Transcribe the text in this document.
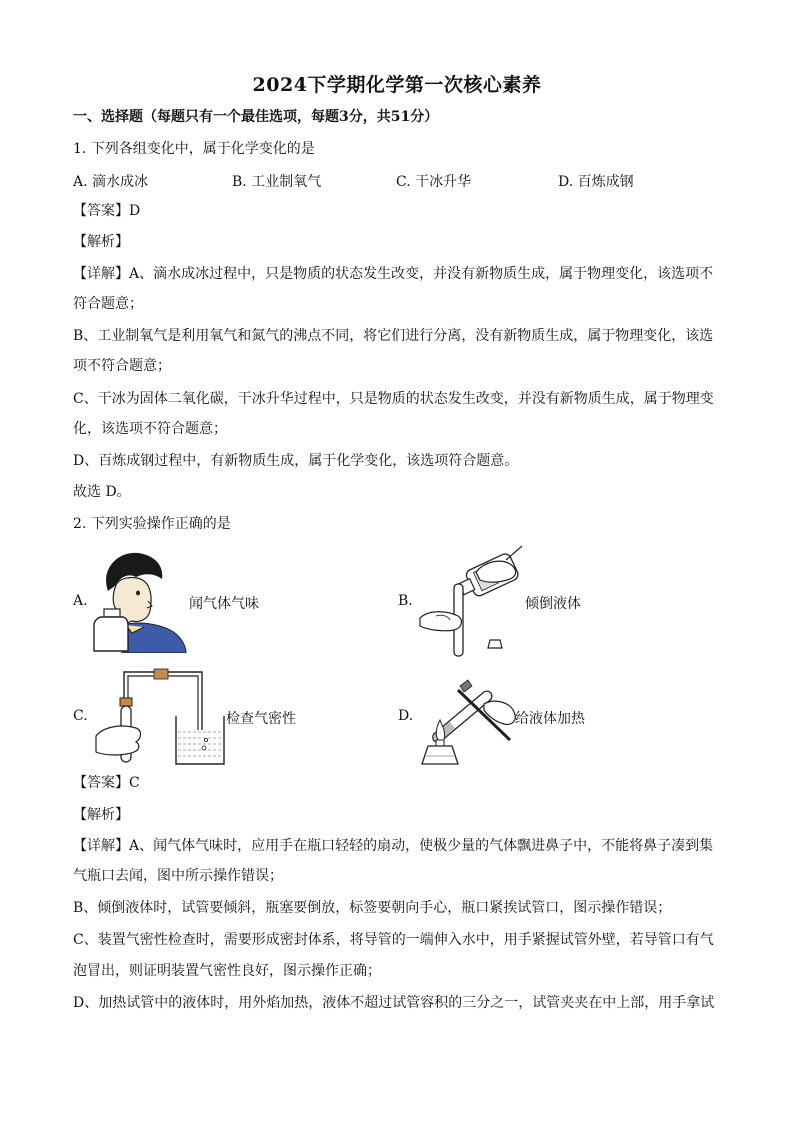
2024下学期化学第一次核心素养
一、选择题（每题只有一个最佳选项，每题3分，共51分）
1. 下列各组变化中，属于化学变化的是
A. 滴水成冰	B. 工业制氧气	C. 干冰升华	D. 百炼成钢
【答案】D
【解析】
【详解】A、滴水成冰过程中，只是物质的状态发生改变，并没有新物质生成，属于物理变化，该选项不
符合题意；
B、工业制氧气是利用氧气和氮气的沸点不同，将它们进行分离，没有新物质生成，属于物理变化，该选
项不符合题意；
C、干冰为固体二氧化碳，干冰升华过程中，只是物质的状态发生改变，并没有新物质生成，属于物理变
化，该选项不符合题意；
D、百炼成钢过程中，有新物质生成，属于化学变化，该选项符合题意。
故选 D。
2. 下列实验操作正确的是
A.	闻气体气味	B.	倾倒液体
C.	检查气密性	D.	给液体加热
【答案】C
【解析】
【详解】A、闻气体气味时，应用手在瓶口轻轻的扇动，使极少量的气体飘进鼻子中，不能将鼻子凑到集
气瓶口去闻，图中所示操作错误；
B、倾倒液体时，试管要倾斜，瓶塞要倒放，标签要朝向手心，瓶口紧挨试管口，图示操作错误；
C、装置气密性检查时，需要形成密封体系，将导管的一端伸入水中，用手紧握试管外壁，若导管口有气
泡冒出，则证明装置气密性良好，图示操作正确；
D、加热试管中的液体时，用外焰加热，液体不超过试管容积的三分之一，试管夹夹在中上部，用手拿试
